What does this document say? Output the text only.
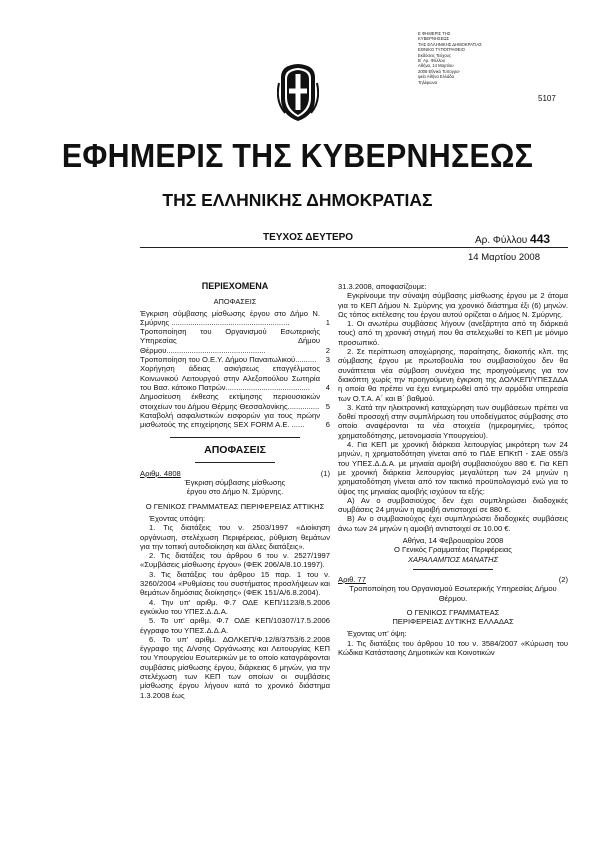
Ε ΦΗΜΕΡΙΣ ΤΗΣ
ΚΥΒΕΡΝΗΣΕΩΣ
ΤΗΣ ΕΛΛΗΝΙΚΗΣ ΔΗΜΟΚΡΑΤΙΑΣ
ΕΘΝΙΚΟ ΤΥΠΟΓΡΑΦΕΙΟ
Εκδόσεις Τεύχους
Β΄ Αρ. Φύλλου
Αθήνα, 14 Μαρτίου
2008 Εθνικό Τυπογρα-
φείο Αθήνα Ελλάδα
Τηλέφωνα
5107
ΕΦΗΜΕΡΙΣ ΤΗΣ ΚΥΒΕΡΝΗΣΕΩΣ
ΤΗΣ ΕΛΛΗΝΙΚΗΣ ΔΗΜΟΚΡΑΤΙΑΣ
ΤΕΥΧΟΣ ΔΕΥΤΕΡΟ	Αρ. Φύλλου 443
14 Μαρτίου 2008

ΠΕΡΙΕΧΟΜΕΝΑ

ΑΠΟΦΑΣΕΙΣ

Έγκριση σύμβασης μίσθωσης έργου στο Δήμο Ν. Σμύρνης ........................................................	1
Τροποποίηση του Οργανισμού Εσωτερικής Υπηρεσίας Δήμου Θέρμου...............................................	2
Τροποποίηση του Ο.Ε.Υ. Δήμου Παναιτωλικού..........	3
Χορήγηση άδειας ασκήσεως επαγγέλματος Κοινωνικού Λειτουργού στην Αλεξοπούλου Σωτηρία του Βασ. κάτοικο Πατρών........................................	4
Δημοσίευση έκθεσης εκτίμησης περιουσιακών στοιχείων του Δήμου Θέρμης Θεσσαλονίκης............... 5
Καταβολή ασφαλιστικών εισφορών για τους πρώην μισθωτούς της επιχείρησης SEX FORM Α.Ε. ......	6

ΑΠΟΦΑΣΕΙΣ

Αριθμ. 4808	(1)

Έγκριση σύμβασης μίσθωσης έργου στο Δήμο Ν. Σμύρνης.

Ο ΓΕΝΙΚΟΣ ΓΡΑΜΜΑΤΕΑΣ ΠΕΡΙΦΕΡΕΙΑΣ ΑΤΤΙΚΗΣ

Έχοντας υπόψη:

1. Τις διατάξεις του ν. 2503/1997 «Διοίκηση οργάνωση, στελέχωση Περιφέρειας, ρύθμιση θεμάτων για την τοπική αυτοδιοίκηση και άλλες διατάξεις».

2. Τις διατάξεις του άρθρου 6 του ν. 2527/1997 «Συμβάσεις μίσθωσης έργου» (ΦΕΚ 206/Α/8.10.1997).

3. Τις διατάξεις του άρθρου 15 παρ. 1 του ν. 3260/2004 «Ρυθμίσεις του συστήματος προσλήψεων και θεμάτων δημόσιας διοίκησης» (ΦΕΚ 151/Α/6.8.2004).

4. Την υπ' αριθμ. Φ.7 ΟΔΕ ΚΕΠ/1123/8.5.2006 εγκύκλιο του ΥΠΕΣ.Δ.Δ.Α.

5. Το υπ' αριθμ. Φ.7 ΟΔΕ ΚΕΠ/10307/17.5.2006 έγγραφο του ΥΠΕΣ.Δ.Δ.Α.

6. Το υπ' αριθμ. ΔΟΛΚΕΠ/Φ.12/8/3753/6.2.2008 έγγραφο της Δ/νσης Οργάνωσης και Λειτουργίας ΚΕΠ του Υπουργείου Εσωτερικών με το οποίο καταγράφονται συμβάσεις μίσθωσης έργου, διάρκειας 6 μηνών, για την στελέχωση των ΚΕΠ των οποίων οι συμβάσεις μίσθωσης έργου λήγουν κατά το χρονικό διάστημα 1.3.2008 έως

31.3.2008, αποφασίζουμε:

Εγκρίνουμε την σύναψη σύμβασης μίσθωσης έργου με 2 άτομα για το ΚΕΠ Δήμου Ν. Σμύρνης για χρονικό διάστημα έξι (6) μηνών. Ως τόπος εκτέλεσης του έργου αυτού ορίζεται ο Δήμος Ν. Σμύρνης.

1. Οι ανωτέρω συμβάσεις λήγουν (ανεξάρτητα από τη διάρκειά τους) από τη χρονική στιγμή που θα στελεχωθεί το ΚΕΠ με μόνιμο προσωπικό.

2. Σε περίπτωση αποχώρησης, παραίτησης, διακοπής κλπ. της σύμβασης έργου με πρωτοβουλία του συμβασιούχου δεν θα συνάπτεται νέα σύμβαση συνέχεια της προηγούμενης για τον διακόπτη χωρίς την προηγούμενη έγκριση της ΔΟΛΚΕΠ/ΥΠΕΣΔΔΑ η οποία θα πρέπει να έχει ενημερωθεί από την αρμόδια υπηρεσία των Ο.Τ.Α. Α΄ και Β΄ βαθμού.

3. Κατά την ηλεκτρονική καταχώρηση των συμβάσεων πρέπει να δοθεί προσοχή στην συμπλήρωση του υποδείγματος σύμβασης στο οποίο αναφέρονται τα νέα στοιχεία (ημερομηνίες, τρόπος χρηματοδότησης, μετονομασία Υπουργείου).

4. Για ΚΕΠ με χρονική διάρκεια λειτουργίας μικρότερη των 24 μηνών, η χρηματοδότηση γίνεται από το ΠΔΕ ΕΠΚτΠ - ΣΑΕ 055/3 του ΥΠΕΣ.Δ.Δ.Α. με μηνιαία αμοιβή συμβασιούχου 880 €. Για ΚΕΠ με χρονική διάρκεια λειτουργίας μεγαλύτερη των 24 μηνών η χρηματοδότηση γίνεται από τον τακτικό προϋπολογισμό ενώ για το ύψος της μηνιαίας αμοιβής ισχύουν τα εξής:

Α) Αν ο συμβασιούχος δεν έχει συμπληρώσει διαδοχικές συμβάσεις 24 μηνών η αμοιβή αντιστοιχεί σε 880 €.

Β) Αν ο συμβασιούχος έχει συμπληρώσει διαδοχικές συμβάσεις άνω των 24 μηνών η αμοιβή αντιστοιχεί σε 10.00 €.

Αθήνα, 14 Φεβρουαρίου 2008

Ο Γενικός Γραμματέας Περιφέρειας

ΧΑΡΑΛΑΜΠΟΣ ΜΑΝΑΤΗΣ

Αριθ. 77	(2)

Τροποποίηση του Οργανισμού Εσωτερικής Υπηρεσίας Δήμου Θέρμου.

Ο ΓΕΝΙΚΟΣ ΓΡΑΜΜΑΤΕΑΣ

ΠΕΡΙΦΕΡΕΙΑΣ ΔΥΤΙΚΗΣ ΕΛΛΑΔΑΣ

Έχοντας υπ' όψη:

1. Τις διατάξεις του άρθρου 10 του ν. 3584/2007 «Κύρωση του Κώδικα Κατάστασης Δημοτικών και Κοινοτικών
